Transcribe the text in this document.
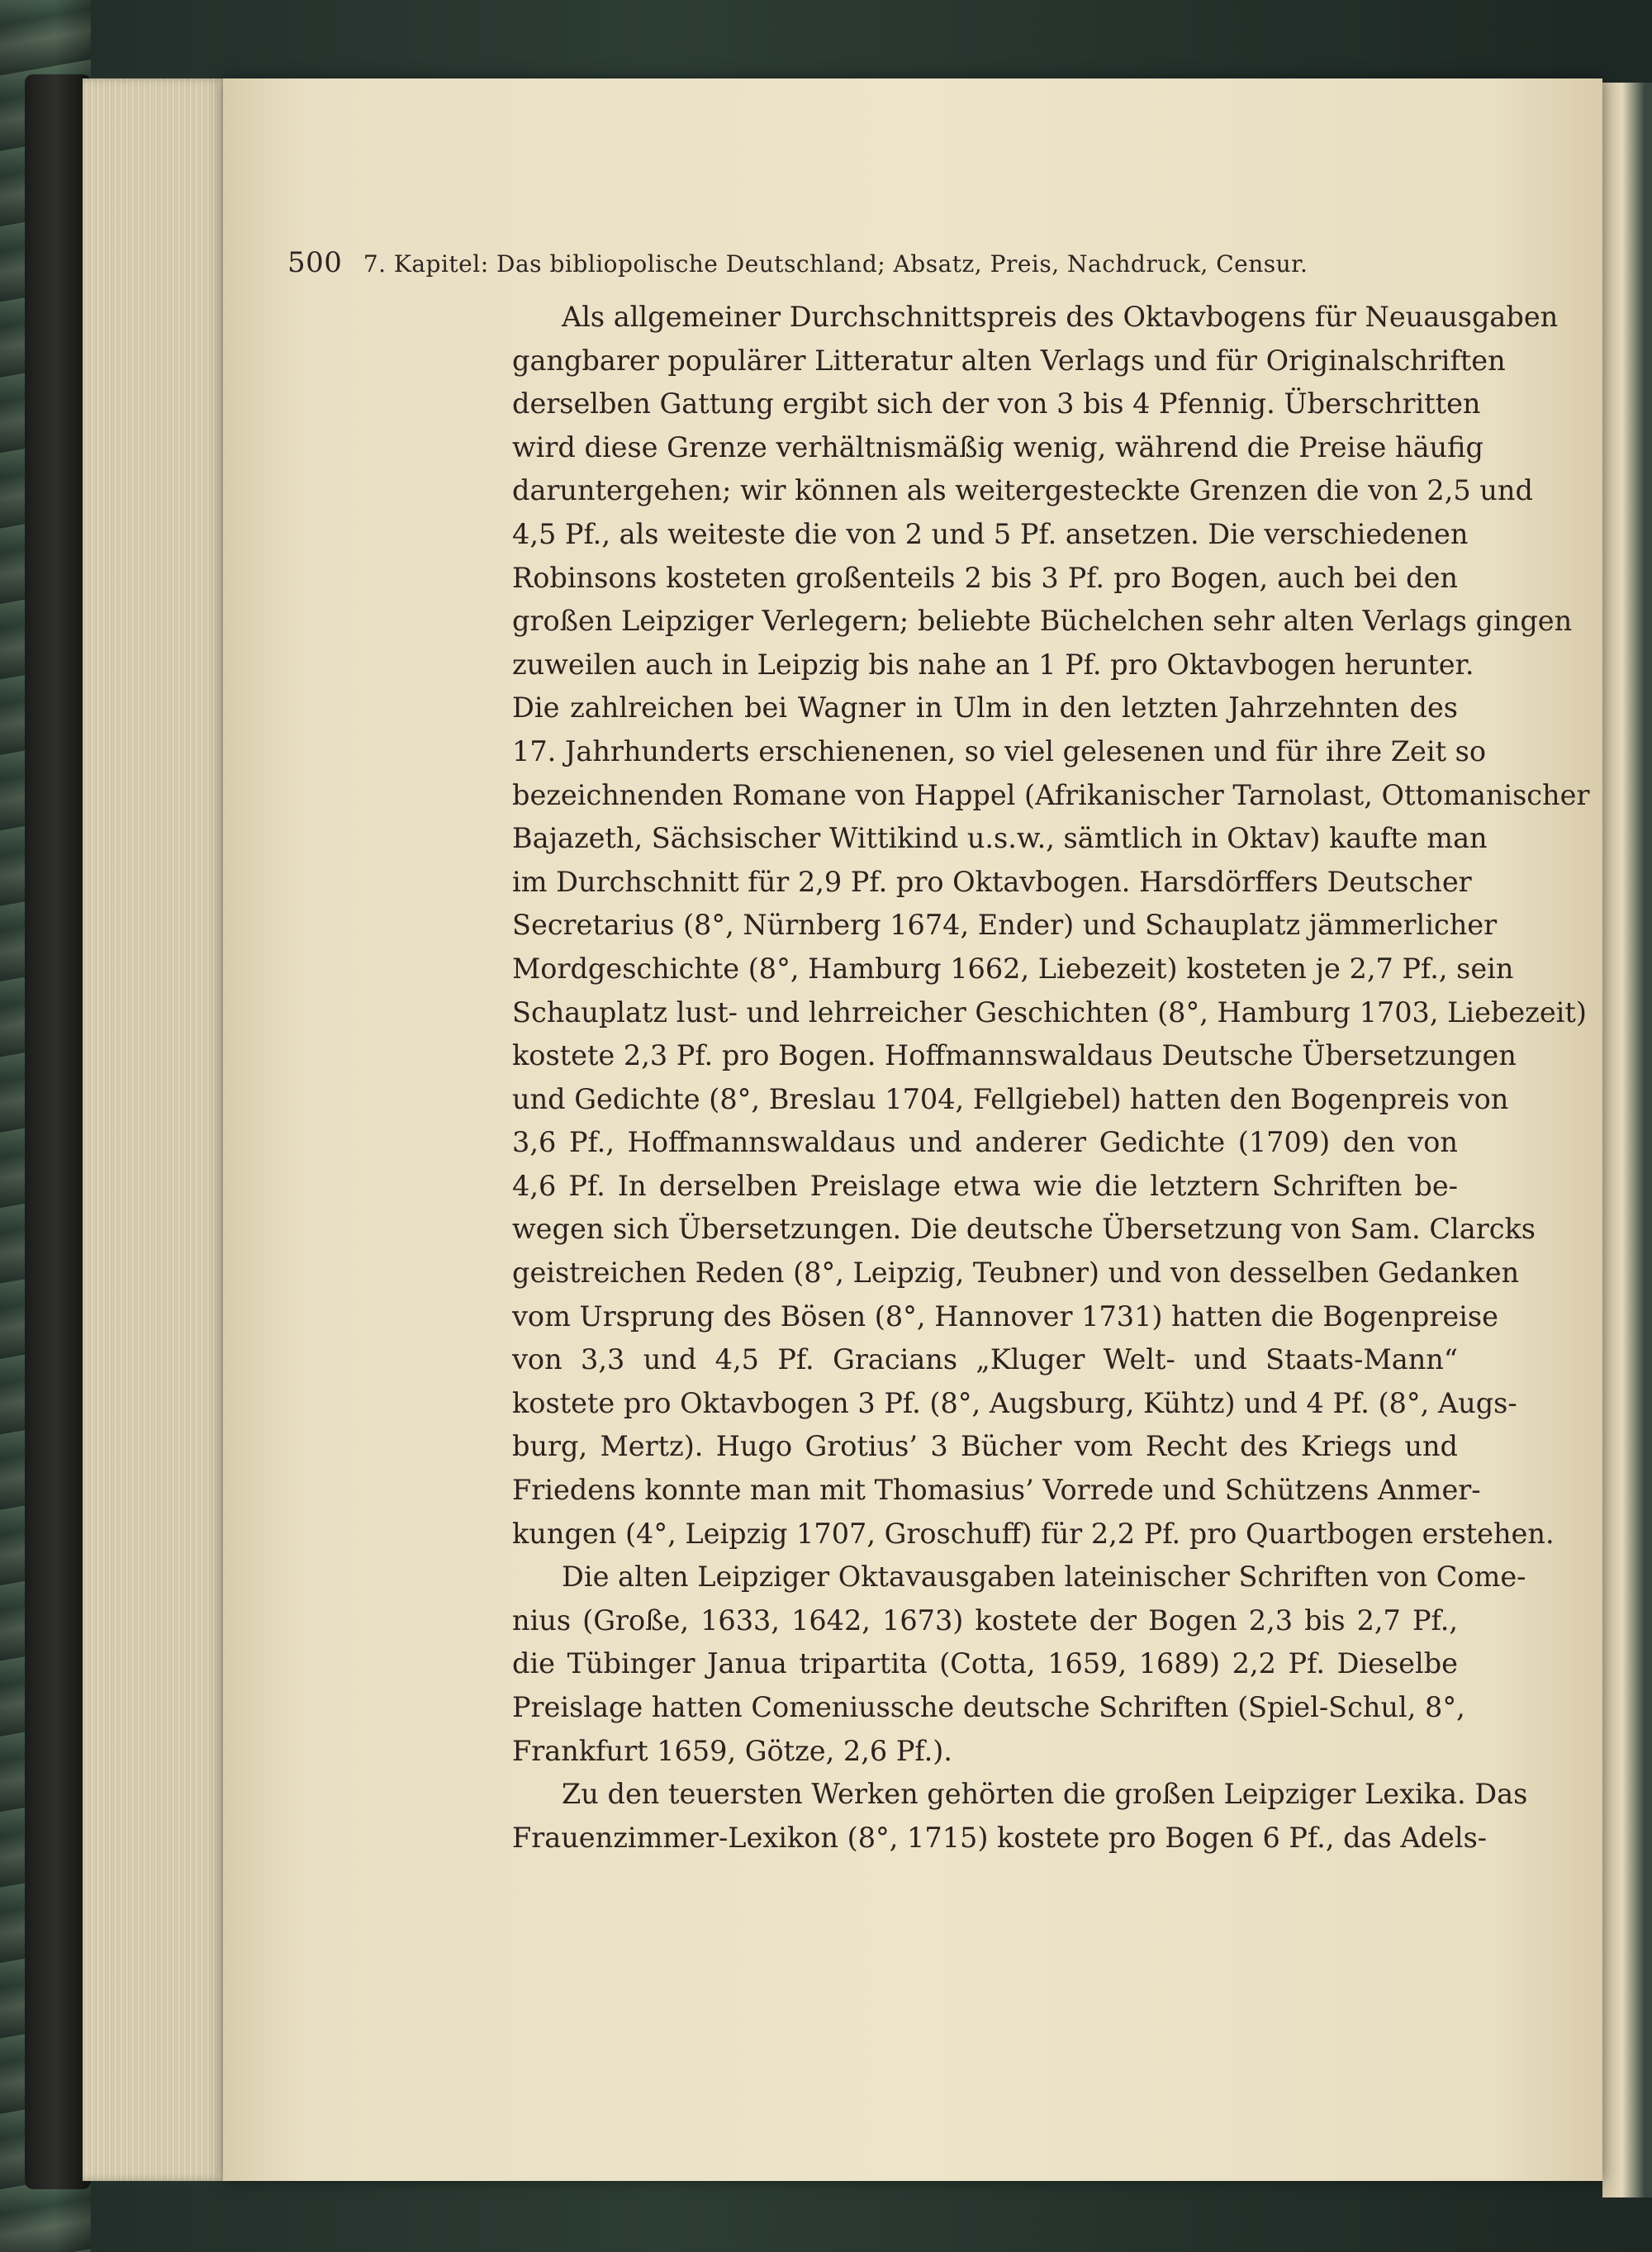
500 7. Kapitel: Das bibliopolische Deutschland; Absatz, Preis, Nachdruck, Censur.
Als allgemeiner Durchschnittspreis des Oktavbogens für Neuausgaben
gangbarer populärer Litteratur alten Verlags und für Originalschriften
derselben Gattung ergibt sich der von 3 bis 4 Pfennig. Überschritten
wird diese Grenze verhältnismäßig wenig, während die Preise häufig
daruntergehen; wir können als weitergesteckte Grenzen die von 2,5 und
4,5 Pf., als weiteste die von 2 und 5 Pf. ansetzen. Die verschiedenen
Robinsons kosteten großenteils 2 bis 3 Pf. pro Bogen, auch bei den
großen Leipziger Verlegern; beliebte Büchelchen sehr alten Verlags gingen
zuweilen auch in Leipzig bis nahe an 1 Pf. pro Oktavbogen herunter.
Die zahlreichen bei Wagner in Ulm in den letzten Jahrzehnten des
17. Jahrhunderts erschienenen, so viel gelesenen und für ihre Zeit so
bezeichnenden Romane von Happel (Afrikanischer Tarnolast, Ottomanischer
Bajazeth, Sächsischer Wittikind u.s.w., sämtlich in Oktav) kaufte man
im Durchschnitt für 2,9 Pf. pro Oktavbogen. Harsdörffers Deutscher
Secretarius (8°, Nürnberg 1674, Ender) und Schauplatz jämmerlicher
Mordgeschichte (8°, Hamburg 1662, Liebezeit) kosteten je 2,7 Pf., sein
Schauplatz lust- und lehrreicher Geschichten (8°, Hamburg 1703, Liebezeit)
kostete 2,3 Pf. pro Bogen. Hoffmannswaldaus Deutsche Übersetzungen
und Gedichte (8°, Breslau 1704, Fellgiebel) hatten den Bogenpreis von
3,6 Pf., Hoffmannswaldaus und anderer Gedichte (1709) den von
4,6 Pf. In derselben Preislage etwa wie die letztern Schriften be-
wegen sich Übersetzungen. Die deutsche Übersetzung von Sam. Clarcks
geistreichen Reden (8°, Leipzig, Teubner) und von desselben Gedanken
vom Ursprung des Bösen (8°, Hannover 1731) hatten die Bogenpreise
von 3,3 und 4,5 Pf. Gracians „Kluger Welt- und Staats-Mann“
kostete pro Oktavbogen 3 Pf. (8°, Augsburg, Kühtz) und 4 Pf. (8°, Augs-
burg, Mertz). Hugo Grotius’ 3 Bücher vom Recht des Kriegs und
Friedens konnte man mit Thomasius’ Vorrede und Schützens Anmer-
kungen (4°, Leipzig 1707, Groschuff) für 2,2 Pf. pro Quartbogen erstehen.
Die alten Leipziger Oktavausgaben lateinischer Schriften von Come-
nius (Große, 1633, 1642, 1673) kostete der Bogen 2,3 bis 2,7 Pf.,
die Tübinger Janua tripartita (Cotta, 1659, 1689) 2,2 Pf. Dieselbe
Preislage hatten Comeniussche deutsche Schriften (Spiel-Schul, 8°,
Frankfurt 1659, Götze, 2,6 Pf.).
Zu den teuersten Werken gehörten die großen Leipziger Lexika. Das
Frauenzimmer-Lexikon (8°, 1715) kostete pro Bogen 6 Pf., das Adels-
